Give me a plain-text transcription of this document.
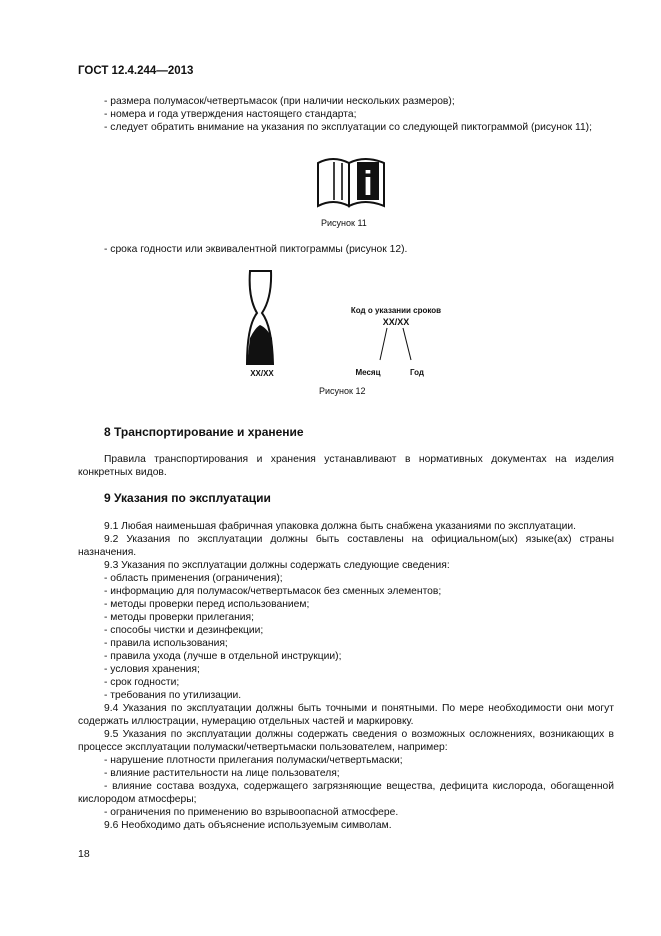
ГОСТ 12.4.244—2013

- размера полумасок/четвертьмасок (при наличии нескольких размеров);

- номера и года утверждения настоящего стандарта;

- следует обратить внимание на указания по эксплуатации со следующей пиктограммой (рисунок 11);

i
Рисунок 11

- срока годности или эквивалентной пиктограммы (рисунок 12).

XX/XX
Код о указании сроков
XX/XX
Месяц	Год
Рисунок 12
8 Транспортирование и хранение

Правила транспортирования и хранения устанавливают в нормативных документах на изделия конкретных видов.

9 Указания по эксплуатации

9.1 Любая наименьшая фабричная упаковка должна быть снабжена указаниями по эксплуатации.

9.2 Указания по эксплуатации должны быть составлены на официальном(ых) языке(ах) страны назначения.

9.3 Указания по эксплуатации должны содержать следующие сведения:

- область применения (ограничения);

- информацию для полумасок/четвертьмасок без сменных элементов;

- методы проверки перед использованием;

- методы проверки прилегания;

- способы чистки и дезинфекции;

- правила использования;

- правила ухода (лучше в отдельной инструкции);

- условия хранения;

- срок годности;

- требования по утилизации.

9.4 Указания по эксплуатации должны быть точными и понятными. По мере необходимости они могут содержать иллюстрации, нумерацию отдельных частей и маркировку.

9.5 Указания по эксплуатации должны содержать сведения о возможных осложнениях, возникающих в процессе эксплуатации полумаски/четвертьмаски пользователем, например:

- нарушение плотности прилегания полумаски/четвертьмаски;

- влияние растительности на лице пользователя;

- влияние состава воздуха, содержащего загрязняющие вещества, дефицита кислорода, обогащенной кислородом атмосферы;

- ограничения по применению во взрывоопасной атмосфере.

9.6 Необходимо дать объяснение используемым символам.

18
